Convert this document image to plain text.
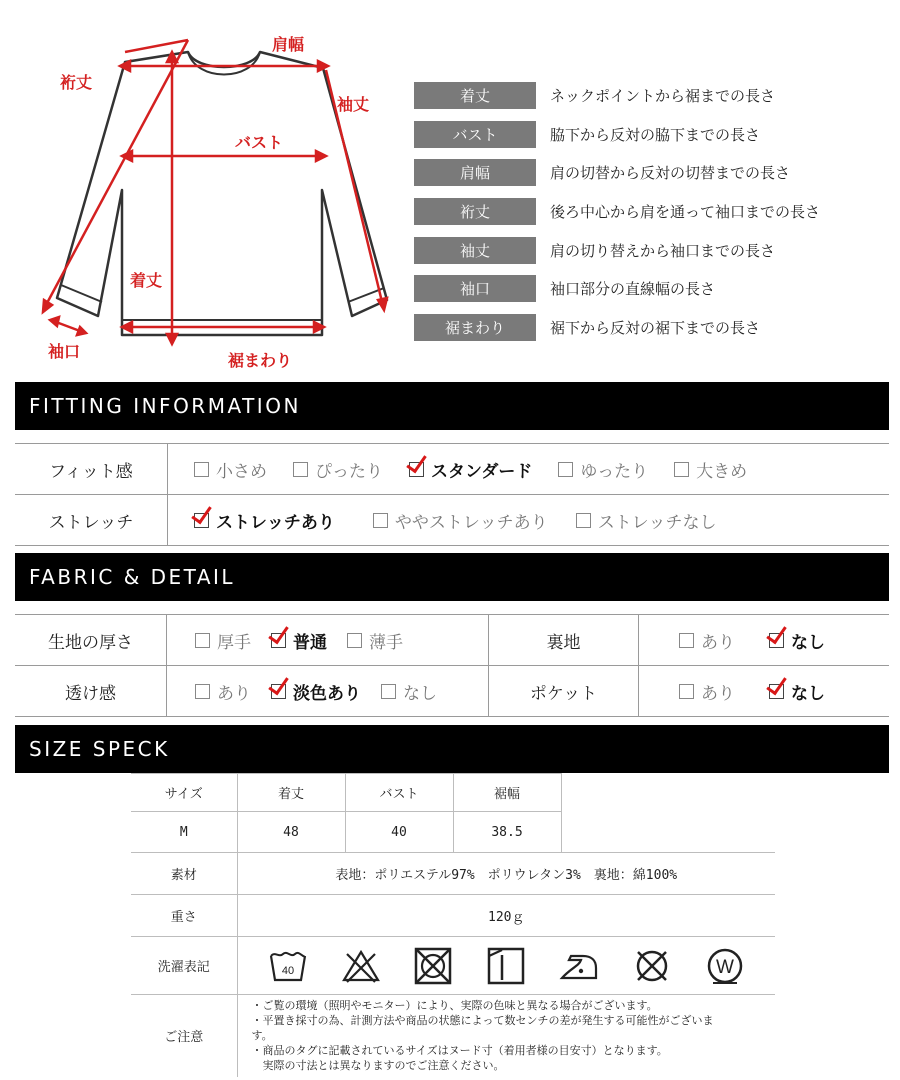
肩幅
裄丈
袖丈
バスト
着丈
袖口	裾まわり
着丈	ネックポイントから裾までの長さ
バスト	脇下から反対の脇下までの長さ
肩幅	肩の切替から反対の切替までの長さ
裄丈	後ろ中心から肩を通って袖口までの長さ
袖丈	肩の切り替えから袖口までの長さ
袖口	袖口部分の直線幅の長さ
裾まわり	裾下から反対の裾下までの長さ
FITTING INFORMATION
フィット感	小さめ	ぴったり	スタンダード	ゆったり	大きめ
ストレッチ	ストレッチあり	ややストレッチあり	ストレッチなし
FABRIC & DETAIL
生地の厚さ	厚手 普通 薄手	裏地	あり	なし
透け感	あり 淡色あり なし	ポケット	あり	なし
SIZE SPECK
サイズ	着丈	バスト	裾幅	
M	48	40	38.5	
素材	表地：ポリエステル97%　ポリウレタン3%　裏地：綿100%			
重さ	120ｇ			
洗濯表記	40 W			

ご注意	・ご覧の環境（照明やモニター）により、実際の色味と異なる場合がございます。
・平置き採寸の為、計測方法や商品の状態によって数センチの差が発生する可能性がございま
す。
・商品のタグに記載されているサイズはヌード寸（着用者様の目安寸）となります。
　実際の寸法とは異なりますのでご注意ください。			
